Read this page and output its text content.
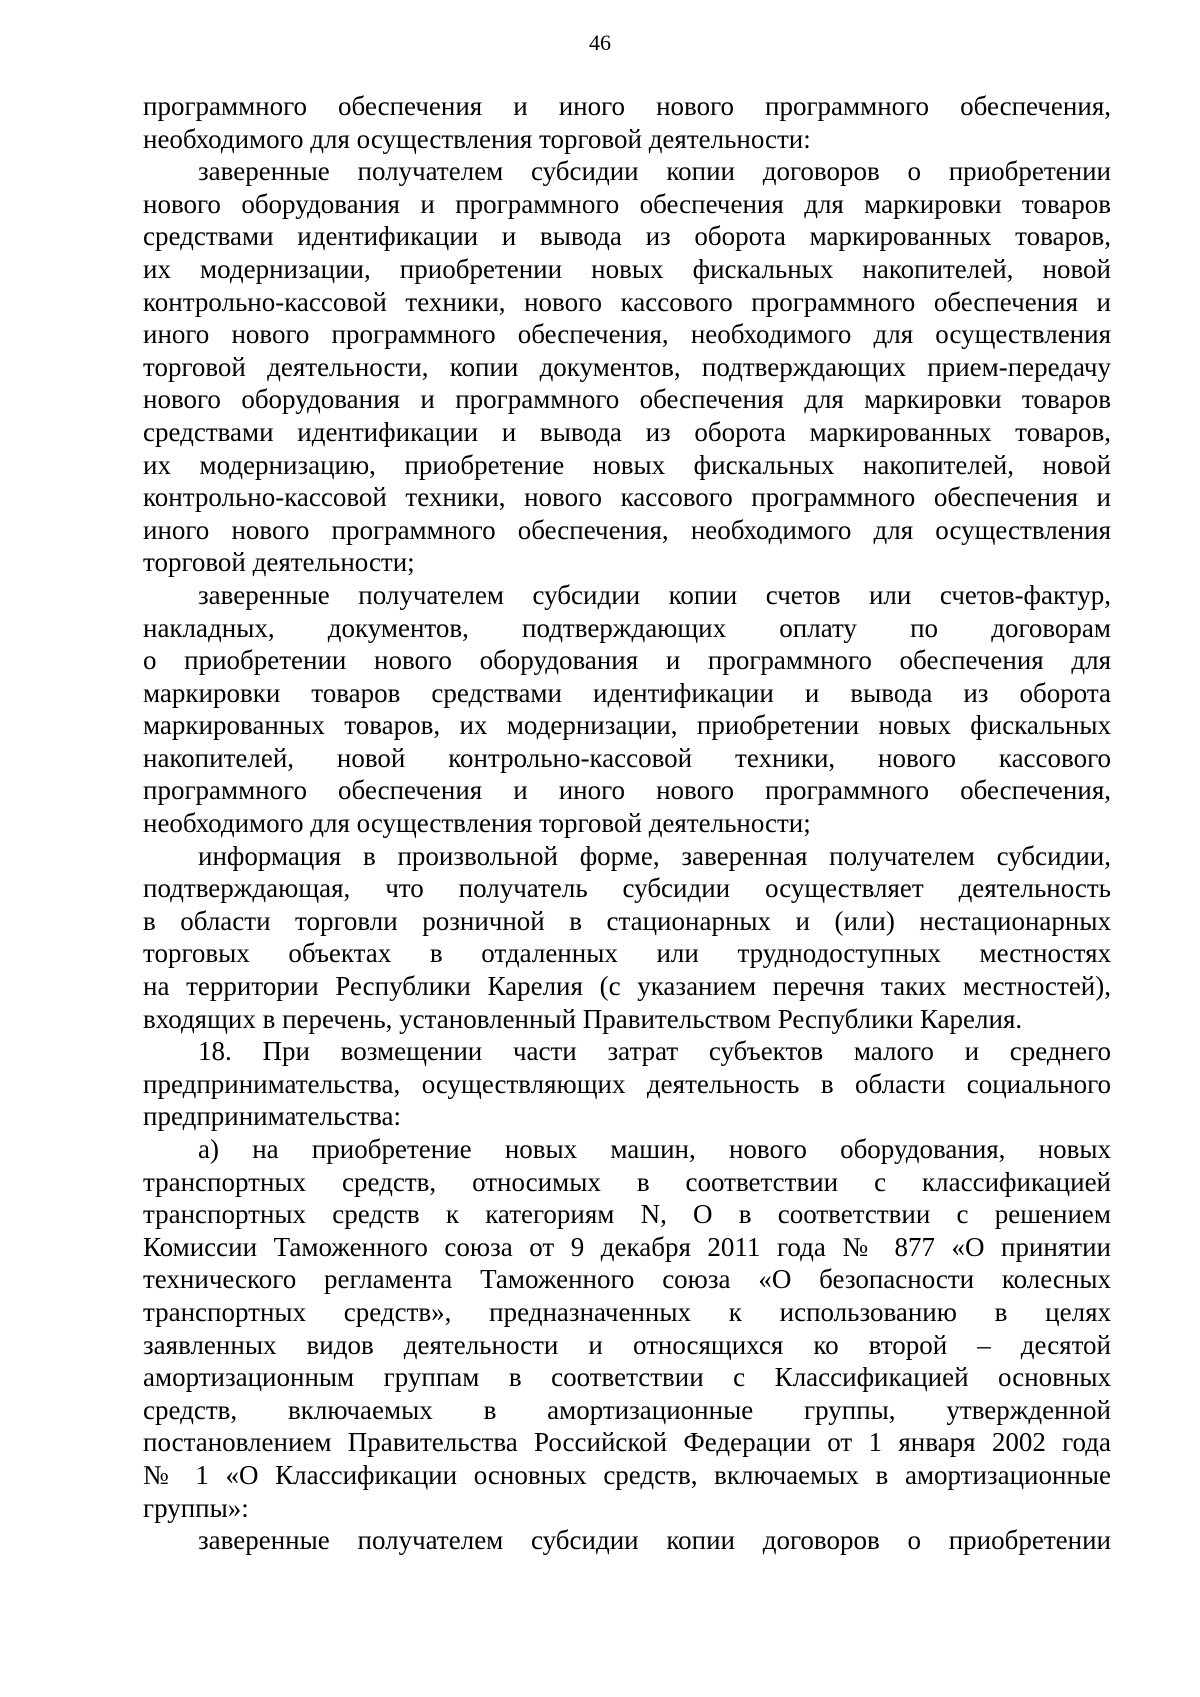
46
программного обеспечения и иного нового программного обеспечения,
необходимого для осуществления торговой деятельности:
заверенные получателем субсидии копии договоров о приобретении
нового оборудования и программного обеспечения для маркировки товаров
средствами идентификации и вывода из оборота маркированных товаров,
их модернизации, приобретении новых фискальных накопителей, новой
контрольно-кассовой техники, нового кассового программного обеспечения и
иного нового программного обеспечения, необходимого для осуществления
торговой деятельности, копии документов, подтверждающих прием-передачу
нового оборудования и программного обеспечения для маркировки товаров
средствами идентификации и вывода из оборота маркированных товаров,
их модернизацию, приобретение новых фискальных накопителей, новой
контрольно-кассовой техники, нового кассового программного обеспечения и
иного нового программного обеспечения, необходимого для осуществления
торговой деятельности;
заверенные получателем субсидии копии счетов или счетов-фактур,
накладных, документов, подтверждающих оплату по договорам
о приобретении нового оборудования и программного обеспечения для
маркировки товаров средствами идентификации и вывода из оборота
маркированных товаров, их модернизации, приобретении новых фискальных
накопителей, новой контрольно-кассовой техники, нового кассового
программного обеспечения и иного нового программного обеспечения,
необходимого для осуществления торговой деятельности;
информация в произвольной форме, заверенная получателем субсидии,
подтверждающая, что получатель субсидии осуществляет деятельность
в области торговли розничной в стационарных и (или) нестационарных
торговых объектах в отдаленных или труднодоступных местностях
на территории Республики Карелия (с указанием перечня таких местностей),
входящих в перечень, установленный Правительством Республики Карелия.
18. При возмещении части затрат субъектов малого и среднего
предпринимательства, осуществляющих деятельность в области социального
предпринимательства:
а) на приобретение новых машин, нового оборудования, новых
транспортных средств, относимых в соответствии с классификацией
транспортных средств к категориям N, O в соответствии с решением
Комиссии Таможенного союза от 9 декабря 2011 года № 877 «О принятии
технического регламента Таможенного союза «О безопасности колесных
транспортных средств», предназначенных к использованию в целях
заявленных видов деятельности и относящихся ко второй – десятой
амортизационным группам в соответствии с Классификацией основных
средств, включаемых в амортизационные группы, утвержденной
постановлением Правительства Российской Федерации от 1 января 2002 года
№ 1 «О Классификации основных средств, включаемых в амортизационные
группы»:
заверенные получателем субсидии копии договоров о приобретении
